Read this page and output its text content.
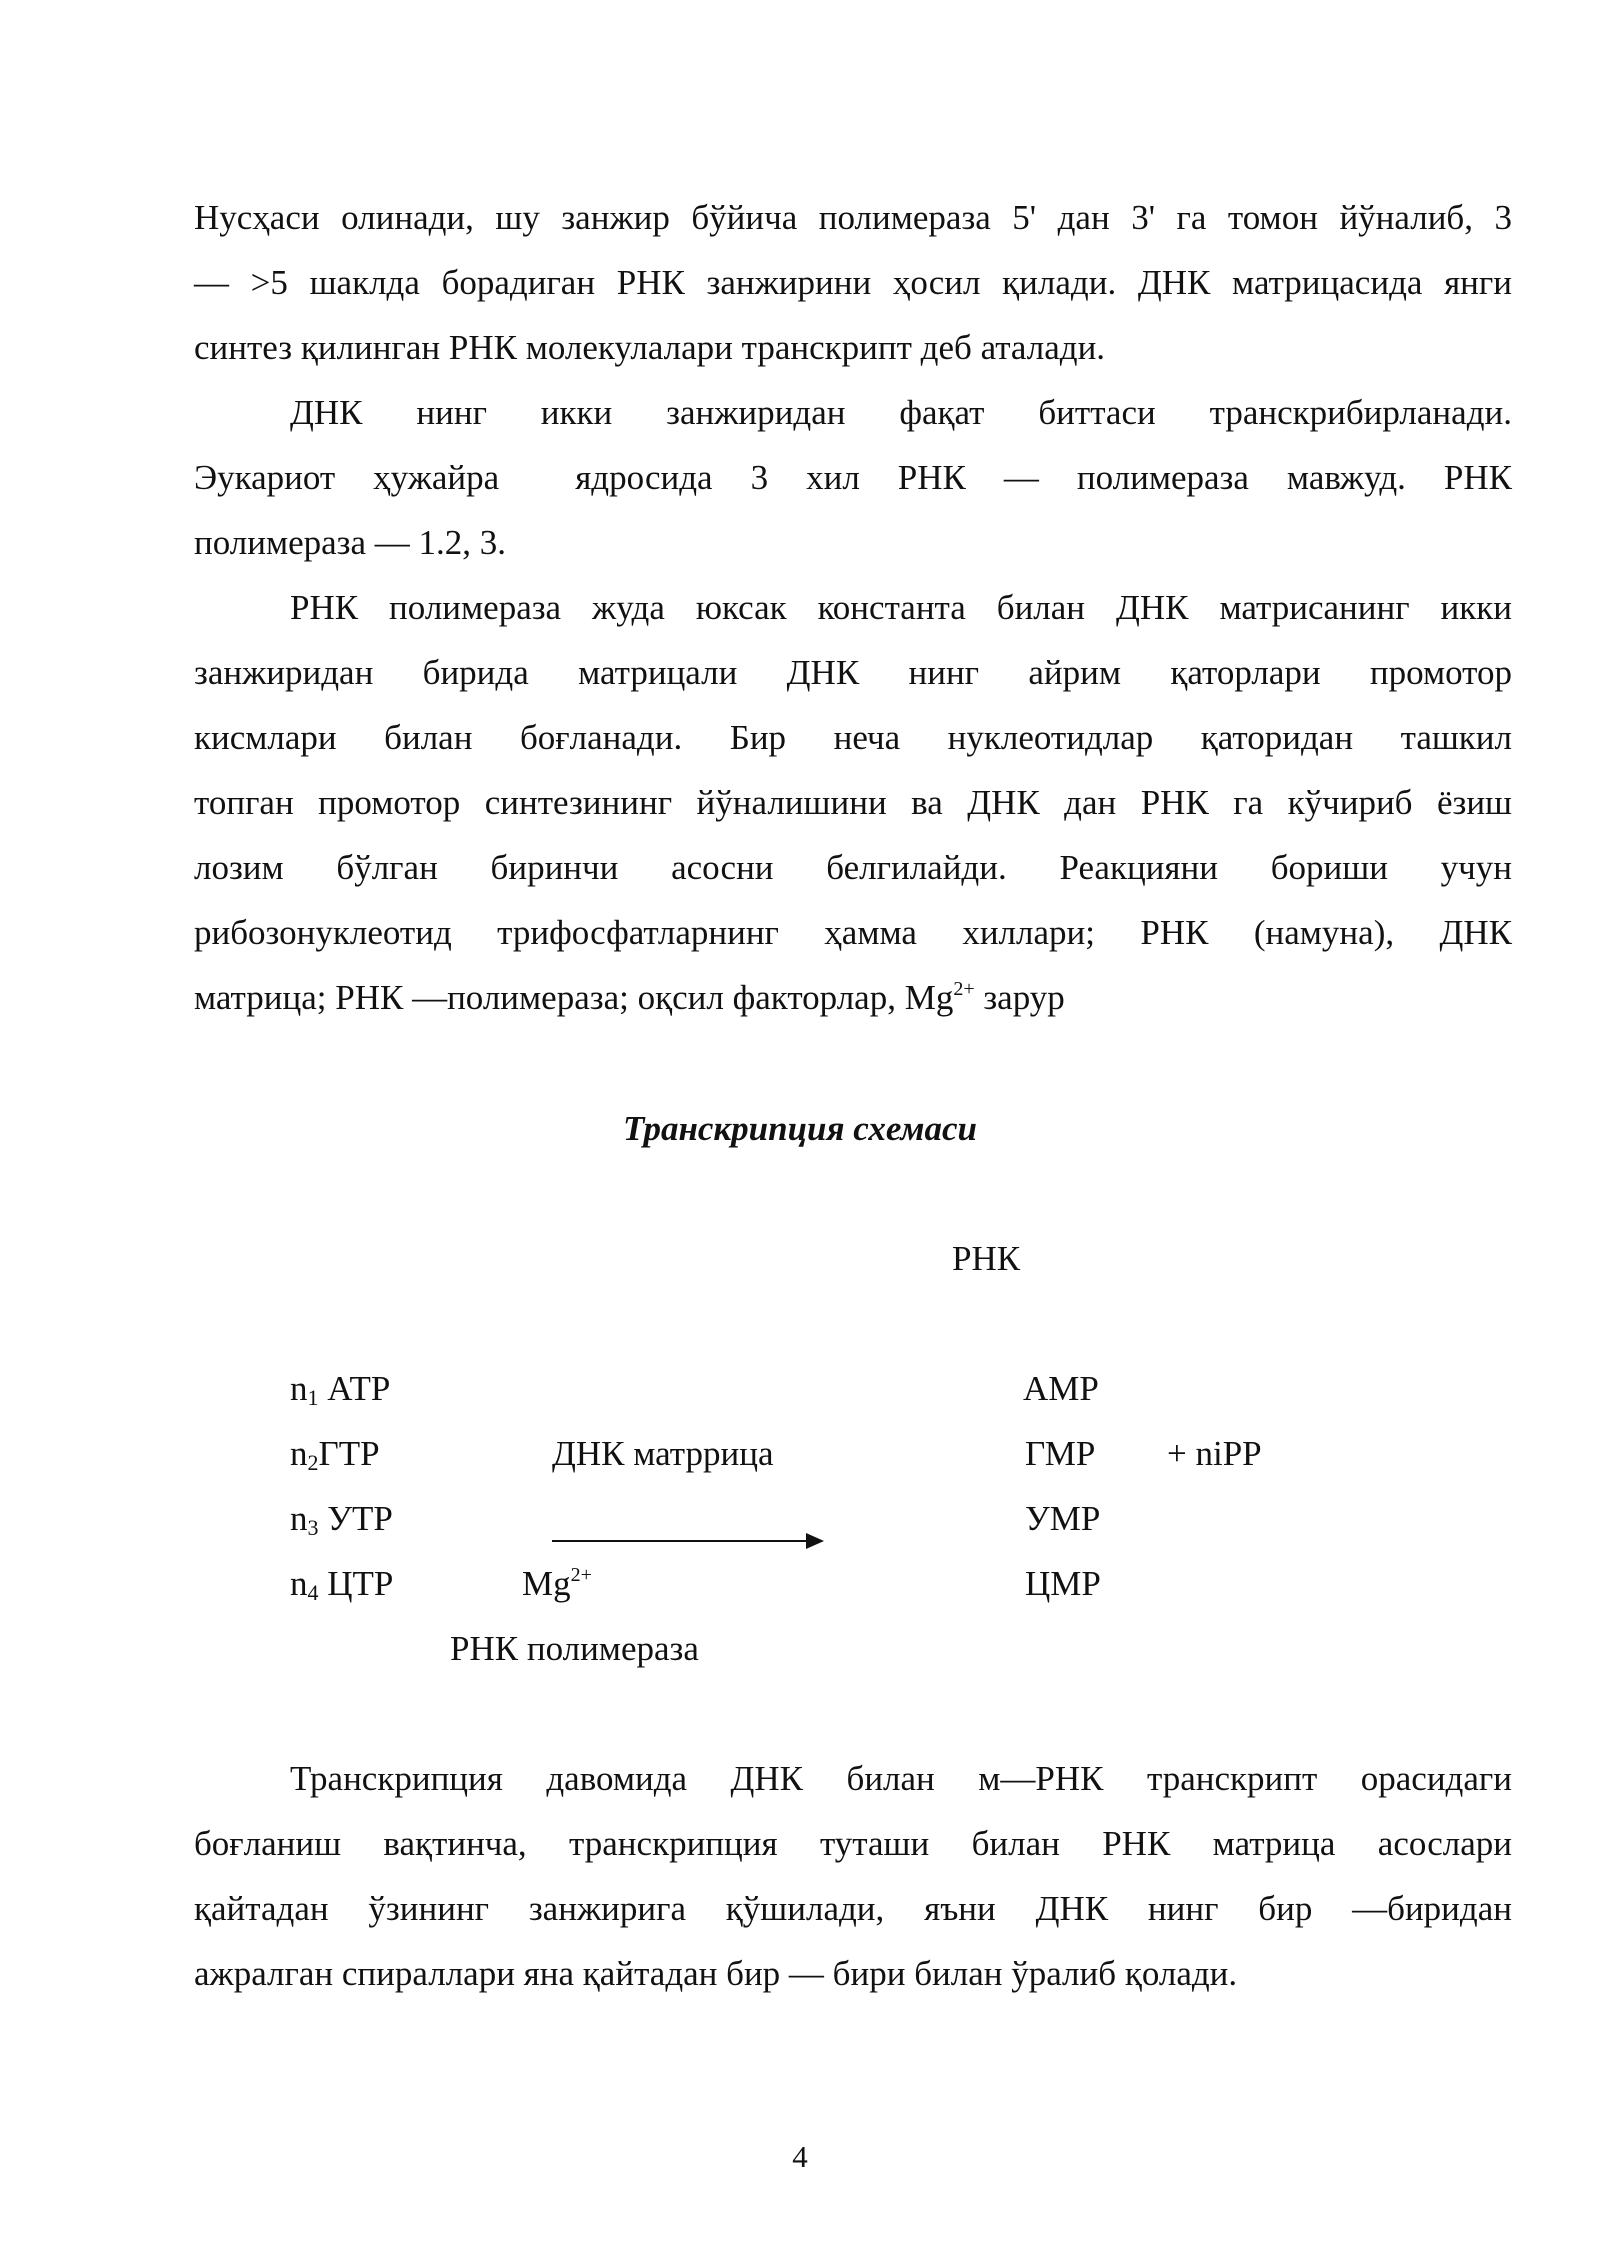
Нусҳаси олинади, шу занжир бўйича полимераза 5' дан 3' га томон йўналиб, 3
— >5 шаклда борадиган РНК занжирини ҳосил қилади. ДНК матрицасида янги
синтез қилинган РНК молекулалари транскрипт деб аталади.
ДНК нинг икки занжиридан фақат биттаси транскрибирланади.
Эукариот ҳужайра  ядросида 3 хил РНК — полимераза мавжуд. РНК
полимераза — 1.2, 3.
РНК полимераза жуда юксак константа билан ДНК матриcанинг икки
занжиридан бирида матрицали ДНК нинг айрим қаторлари промотор
кисмлари билан боғланади. Бир неча нуклеотидлар қаторидан ташкил
топган промотор синтезининг йўналишини ва ДНК дан РНК га кўчириб ёзиш
лозим бўлган биринчи асосни белгилайди. Реакцияни бориши учун
рибозонуклеотид трифосфатларнинг ҳамма хиллари; РНК (намуна), ДНК
матрица; РНК —полимераза; оқсил факторлар, $Mg^{2+}$ зарур
Транскрипция схемаси
РНК
$n_1$ АТР
$n_2ГТР$
$n_3$ УТР
$n_4$ ЦТР
ДНК матррица
$Mg^{2+}$
РНК полимераза
АМР
ГМР
УМР
ЦМР
+ niPP
Транскрипция давомида ДНК билан м—РНК транскрипт орасидаги
боғланиш вақтинча, транскрипция туташи билан РНК матрица асослари
қайтадан ўзининг занжирига қўшилади, яъни ДНК нинг бир —биридан
ажралган спираллари яна қайтадан бир — бири билан ўралиб қолади.
4
